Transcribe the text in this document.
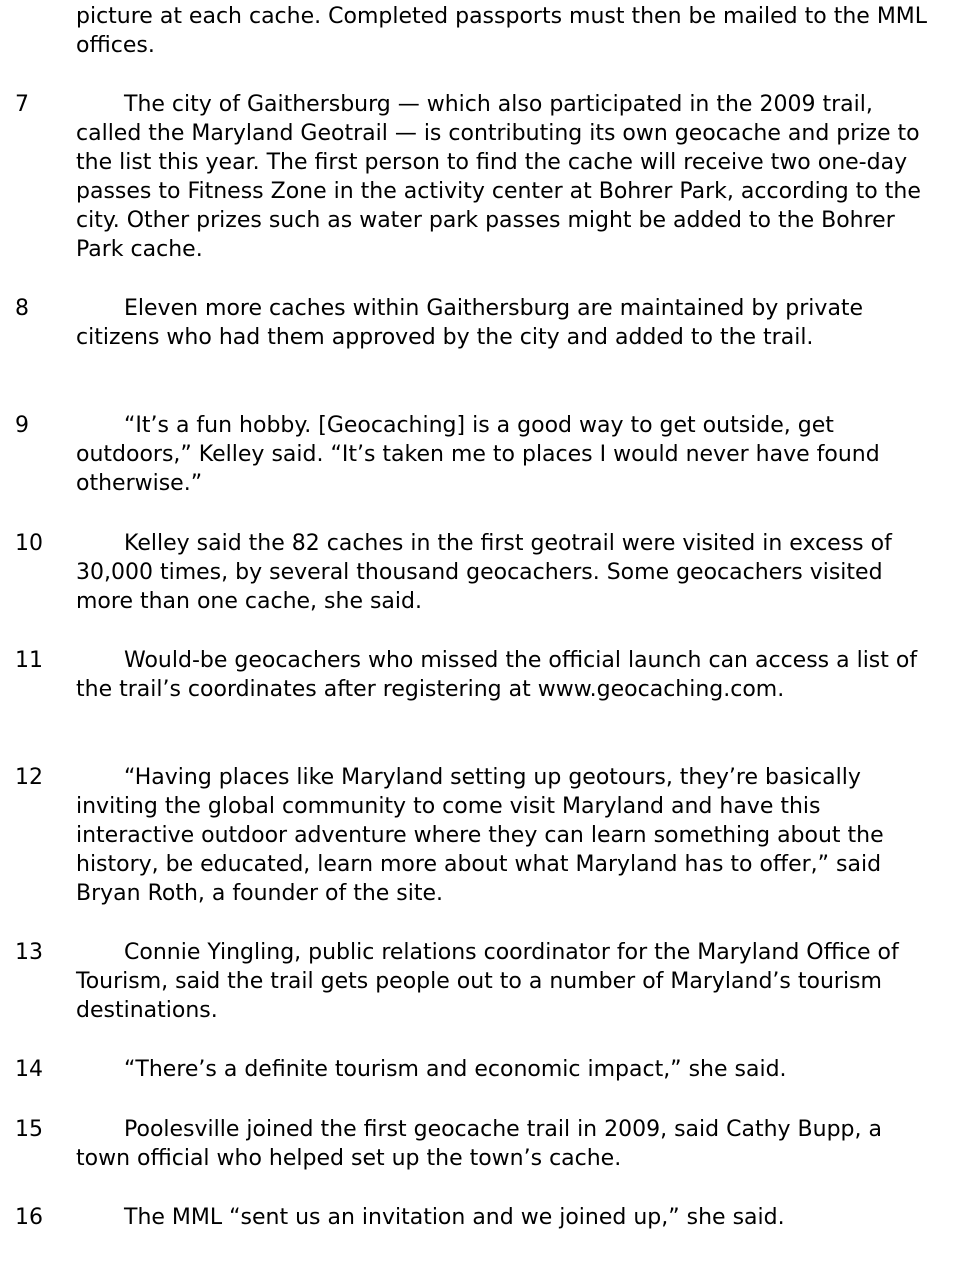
picture at each cache. Completed passports must then be mailed to the MML offices.
7	The city of Gaithersburg — which also participated in the 2009 trail, called the Maryland Geotrail — is contributing its own geocache and prize to the list this year. The first person to find the cache will receive two one-day passes to Fitness Zone in the activity center at Bohrer Park, according to the city. Other prizes such as water park passes might be added to the Bohrer Park cache.
8	Eleven more caches within Gaithersburg are maintained by private citizens who had them approved by the city and added to the trail.
9	“It’s a fun hobby. [Geocaching] is a good way to get outside, get outdoors,” Kelley said. “It’s taken me to places I would never have found otherwise.”
10	Kelley said the 82 caches in the first geotrail were visited in excess of 30,000 times, by several thousand geocachers. Some geocachers visited more than one cache, she said.
11	Would-be geocachers who missed the official launch can access a list of the trail’s coordinates after registering at www.geocaching.com.
12	“Having places like Maryland setting up geotours, they’re basically inviting the global community to come visit Maryland and have this interactive outdoor adventure where they can learn something about the history, be educated, learn more about what Maryland has to offer,” said Bryan Roth, a founder of the site.
13	Connie Yingling, public relations coordinator for the Maryland Office of Tourism, said the trail gets people out to a number of Maryland’s tourism destinations.
14	“There’s a definite tourism and economic impact,” she said.
15	Poolesville joined the first geocache trail in 2009, said Cathy Bupp, a town official who helped set up the town’s cache.
16	The MML “sent us an invitation and we joined up,” she said.
